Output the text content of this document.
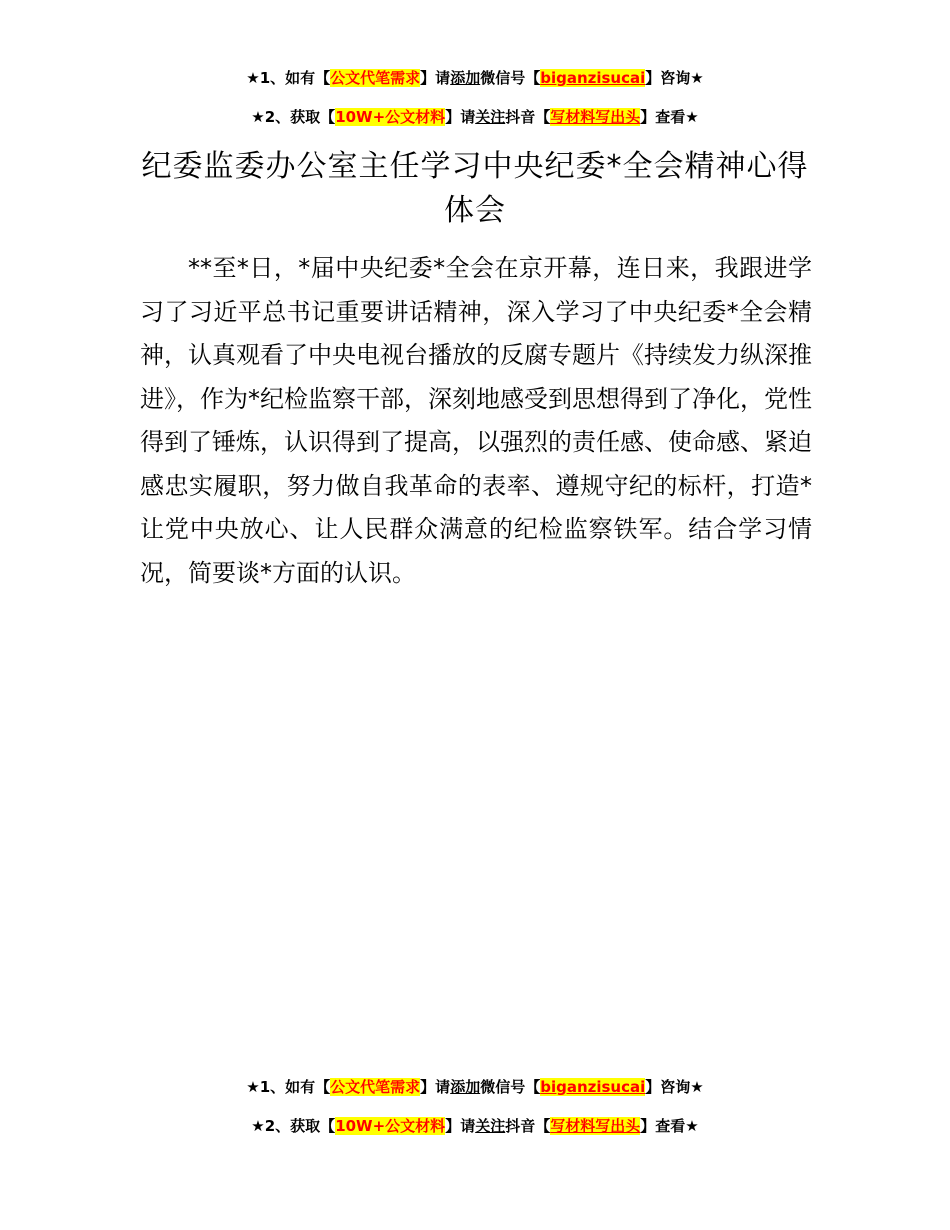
★1、如有【公文代笔需求】请添加微信号【biganzisucai】咨询★
★2、获取【10W+公文材料】请关注抖音【写材料写出头】查看★
纪委监委办公室主任学习中央纪委*全会精神心得体会

**至*日，*届中央纪委*全会在京开幕，连日来，我跟进学习了习近平总书记重要讲话精神，深入学习了中央纪委*全会精神，认真观看了中央电视台播放的反腐专题片《持续发力纵深推进》，作为*纪检监察干部，深刻地感受到思想得到了净化，党性得到了锤炼，认识得到了提高，以强烈的责任感、使命感、紧迫感忠实履职，努力做自我革命的表率、遵规守纪的标杆，打造*让党中央放心、让人民群众满意的纪检监察铁军。结合学习情况，简要谈*方面的认识。

★1、如有【公文代笔需求】请添加微信号【biganzisucai】咨询★
★2、获取【10W+公文材料】请关注抖音【写材料写出头】查看★
